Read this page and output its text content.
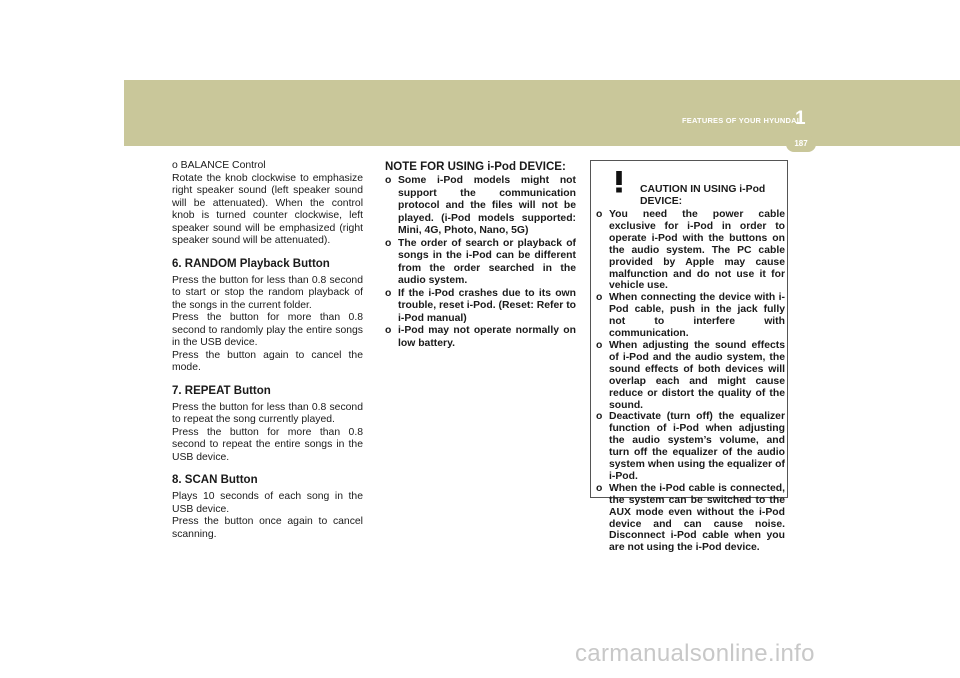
1
FEATURES OF YOUR HYUNDAI
187

o BALANCE Control

Rotate the knob clockwise to emphasize right speaker sound (left speaker sound will be attenuated). When the control knob is turned counter clockwise, left speaker sound will be emphasized (right speaker sound will be attenuated).

6. RANDOM Playback Button

Press the button for less than 0.8 second to start or stop the random playback of the songs in the current folder.

Press the button for more than 0.8 second to randomly play the entire songs in the USB device.

Press the button again to cancel the mode.

7. REPEAT Button

Press the button for less than 0.8 second to repeat the song currently played.

Press the button for more than 0.8 second to repeat the entire songs in the USB device.

8. SCAN Button

Plays 10 seconds of each song in the USB device.

Press the button once again to cancel scanning.

NOTE FOR USING i-Pod DEVICE:
o Some i-Pod models might not support the communication protocol and the files will not be played. (i-Pod models supported: Mini, 4G, Photo, Nano, 5G)
o The order of search or playback of songs in the i-Pod can be different from the order searched in the audio system.
o If the i-Pod crashes due to its own trouble, reset i-Pod. (Reset: Refer to i-Pod manual)
o i-Pod may not operate normally on low battery.
CAUTION IN USING i-Pod DEVICE:
o You need the power cable exclusive for i-Pod in order to operate i-Pod with the buttons on the audio system. The PC cable provided by Apple may cause malfunction and do not use it for vehicle use.
o When connecting the device with i-Pod cable, push in the jack fully not to interfere with communication.
o When adjusting the sound effects of i-Pod and the audio system, the sound effects of both devices will overlap each and might cause reduce or distort the quality of the sound.
o Deactivate (turn off) the equalizer function of i-Pod when adjusting the audio system’s volume, and turn off the equalizer of the audio system when using the equalizer of i-Pod.
o When the i-Pod cable is connected, the system can be switched to the AUX mode even without the i-Pod device and can cause noise. Disconnect i-Pod cable when you are not using the i-Pod device.
carmanualsonline.info
